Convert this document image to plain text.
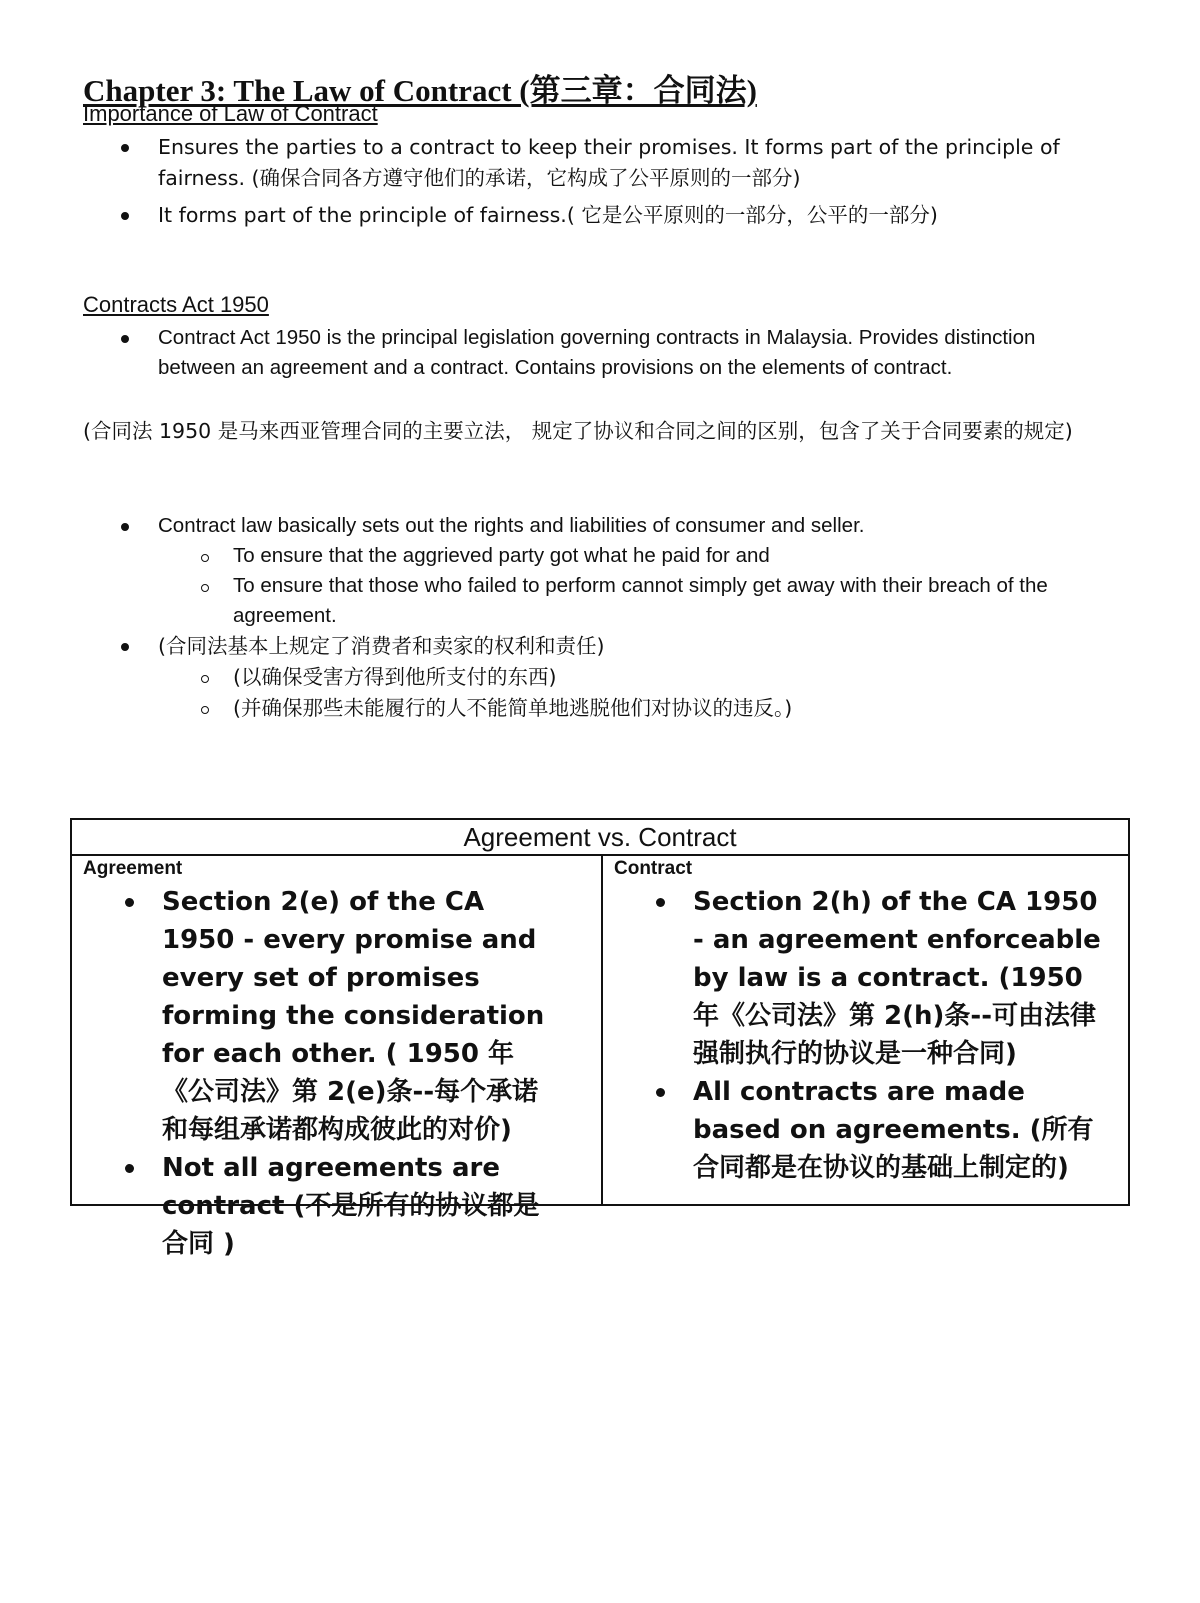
Chapter 3: The Law of Contract (第三章：合同法)
Importance of Law of Contract
Ensures the parties to a contract to keep their promises. It forms part of the principle of fairness. (确保合同各方遵守他们的承诺，它构成了公平原则的一部分)
It forms part of the principle of fairness.( 它是公平原则的一部分，公平的一部分)
Contracts Act 1950
Contract Act 1950 is the principal legislation governing contracts in Malaysia. Provides distinction between an agreement and a contract. Contains provisions on the elements of contract.

(合同法 1950 是马来西亚管理合同的主要立法， 规定了协议和合同之间的区别，包含了关于合同要素的规定)

Contract law basically sets out the rights and liabilities of consumer and seller.
To ensure that the aggrieved party got what he paid for and
To ensure that those who failed to perform cannot simply get away with their breach of the agreement.
(合同法基本上规定了消费者和卖家的权利和责任)
(以确保受害方得到他所支付的东西)
(并确保那些未能履行的人不能简单地逃脱他们对协议的违反。)
Agreement vs. Contract
Agreement
Section 2(e) of the CA 1950 - every promise and every set of promises forming the consideration for each other. ( 1950 年《公司法》第 2(e)条--每个承诺和每组承诺都构成彼此的对价)
Not all agreements are contract (不是所有的协议都是合同 )
Contract
Section 2(h) of the CA 1950 - an agreement enforceable by law is a contract. (1950 年《公司法》第 2(h)条--可由法律强制执行的协议是一种合同)
All contracts are made based on agreements. (所有合同都是在协议的基础上制定的)
